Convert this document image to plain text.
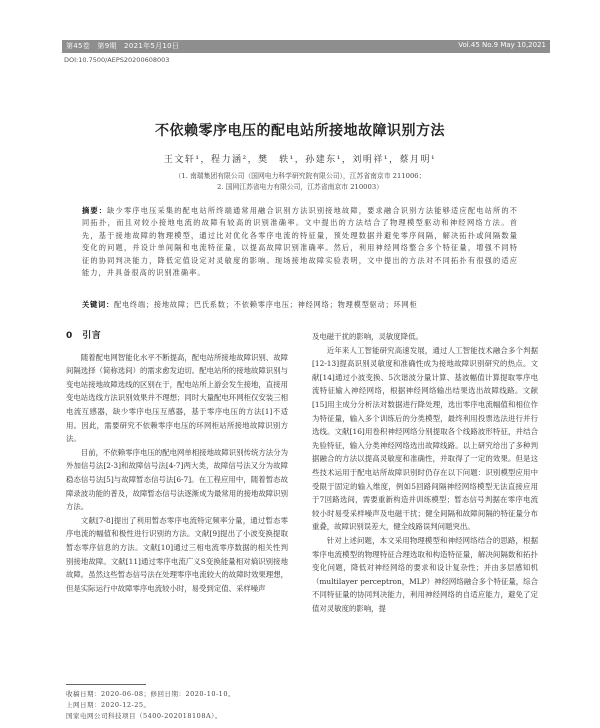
第45卷　第9期　2021年5月10日	Vol.45 No.9 May 10,2021
DOI:10.7500/AEPS20200608003
不依赖零序电压的配电站所接地故障识别方法
王文轩¹，程力涵²，樊　轶¹，孙建东¹，刘明祥¹，蔡月明¹
（1. 南瑞集团有限公司（国网电力科学研究院有限公司），江苏省南京市 211006；
2. 国网江苏省电力有限公司，江苏省南京市 210003）
摘要：缺少零序电压采集的配电站所终端通常用融合识别方法识别接地故障，要求融合识别方法能够适应配电站所的不同拓扑，而且对较小接地电流的故障有较高的识别准确率。文中提出的方法结合了物理模型驱动和神经网络方法。首先，基于接地故障的物理模型，通过比对优化各零序电流的特征量，预处理数据并避免零序间隔，解决拓扑或间隔数量变化的问题，并设计单间隔和电流特征量，以提高故障识别准确率。然后，利用神经网络整合多个特征量，增强不同特征的协同判决能力，降低定值设定对灵敏度的影响。现场接地故障实验表明，文中提出的方法对不同拓扑有很强的适应能力，并具备很高的识别准确率。
关键词：配电终端；接地故障；巴氏系数；不依赖零序电压；神经网络；物理模型驱动；环网柜
0　引言

随着配电网智能化水平不断提高，配电站所接地故障识别、故障间隔选择（简称选间）的需求愈发迫切。配电站所的接地故障识别与变电站接地故障选线的区别在于，配电站所上游会发生接地，直接用变电站选线方法识别效果并不理想；同时大量配电环网柜仅安装三相电流互感器，缺少零序电压互感器，基于零序电压的方法[1]不适用。因此，需要研究不依赖零序电压的环网柜站所接地故障识别方法。

目前，不依赖零序电压的配电网单相接地故障识别传统方法分为外加信号法[2-3]和故障信号法[4-7]两大类，故障信号法又分为故障稳态信号法[5]与故障暂态信号法[6-7]。在工程应用中，随着暂态故障录波功能的普及，故障暂态信号法逐渐成为最常用的接地故障识别方法。

文献[7-8]提出了利用暂态零序电流特定频率分量，通过暂态零序电流的幅值和极性进行识别的方法。文献[9]提出了小波变换提取暂态零序信息的方法。文献[10]通过三相电流零序数据的相关性判别接地故障。文献[11]通过零序电流广义S变换能量相对熵识别接地故障。虽然这些暂态信号法在处理零序电流较大的故障时效果理想，但是实际运行中故障零序电流较小时，易受到定值、采样噪声

及电磁干扰的影响，灵敏度降低。

近年来人工智能研究高速发展，通过人工智能技术融合多个判据[12-13]提高识别灵敏度和准确性成为接地故障识别研究的热点。文献[14]通过小波变换、5次谐波分量计算、基波幅值计算提取零序电流特征输入神经网络，根据神经网络输出结果选出故障线路。文献[15]用主成分分析法对数据进行降处理，选出零序电流幅值和相位作为特征量，输入多个训练后的分类模型，最终利用投票选法进行并行选线。文献[16]用卷积神经网络分别提取各个线路波形特征，并结合先验特征，输入分类神经网络选出故障线路。以上研究给出了多种判据融合的方法以提高灵敏度和准确性，并取得了一定的效果。但是这些技术运用于配电站所故障识别时仍存在以下问题：识别模型应用中受限于固定的输入维度，例如5回路间隔神经网络模型无法直接应用于7回路选间，需要重新构造并训练模型；暂态信号判据在零序电流较小时易受采样噪声及电磁干扰；健全间隔和故障间隔的特征量分布重叠，故障识别误差大，健全线路误判问题突出。

针对上述问题，本文采用物理模型和神经网络结合的思路，根据零序电流模型的物理特征合理选取和构造特征量，解决间隔数和拓扑变化问题，降低对神经网络的要求和设计复杂性；并由多层感知机（multilayer perceptron，MLP）神经网络融合多个特征量，综合不同特征量的协同判决能力，利用神经网络的自适应能力，避免了定值对灵敏度的影响，提

收稿日期：2020-06-08；修回日期：2020-10-10。
上网日期：2020-12-25。
国家电网公司科技项目（5400-202018108A）。
